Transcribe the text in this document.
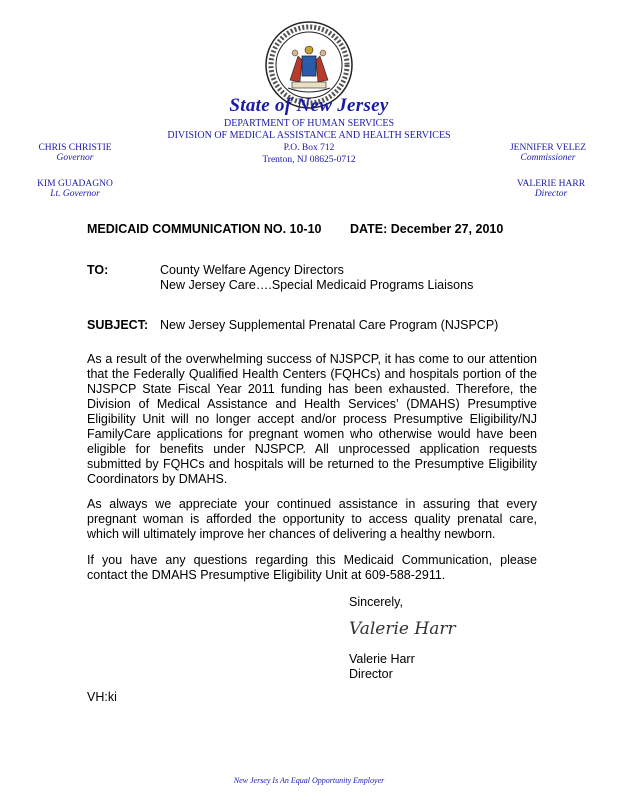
State of New Jersey
DEPARTMENT OF HUMAN SERVICES
DIVISION OF MEDICAL ASSISTANCE AND HEALTH SERVICES
P.O. Box 712
Trenton, NJ 08625-0712
CHRIS CHRISTIE
Governor
KIM GUADAGNO
Lt. Governor
JENNIFER VELEZ
Commissioner
VALERIE HARR
Director
MEDICAID COMMUNICATION NO. 10-10 DATE: December 27, 2010
TO:	County Welfare Agency Directors
New Jersey Care….Special Medicaid Programs Liaisons
SUBJECT: New Jersey Supplemental Prenatal Care Program (NJSPCP)
As a result of the overwhelming success of NJSPCP, it has come to our attention that the Federally Qualified Health Centers (FQHCs) and hospitals portion of the NJSPCP State Fiscal Year 2011 funding has been exhausted. Therefore, the Division of Medical Assistance and Health Services’ (DMAHS) Presumptive Eligibility Unit will no longer accept and/or process Presumptive Eligibility/NJ FamilyCare applications for pregnant women who otherwise would have been eligible for benefits under NJSPCP. All unprocessed application requests submitted by FQHCs and hospitals will be returned to the Presumptive Eligibility Coordinators by DMAHS.
As always we appreciate your continued assistance in assuring that every pregnant woman is afforded the opportunity to access quality prenatal care, which will ultimately improve her chances of delivering a healthy newborn.
If you have any questions regarding this Medicaid Communication, please contact the DMAHS Presumptive Eligibility Unit at 609-588-2911.
Sincerely,
Valerie Harr
Valerie Harr
Director
VH:ki
New Jersey Is An Equal Opportunity Employer
